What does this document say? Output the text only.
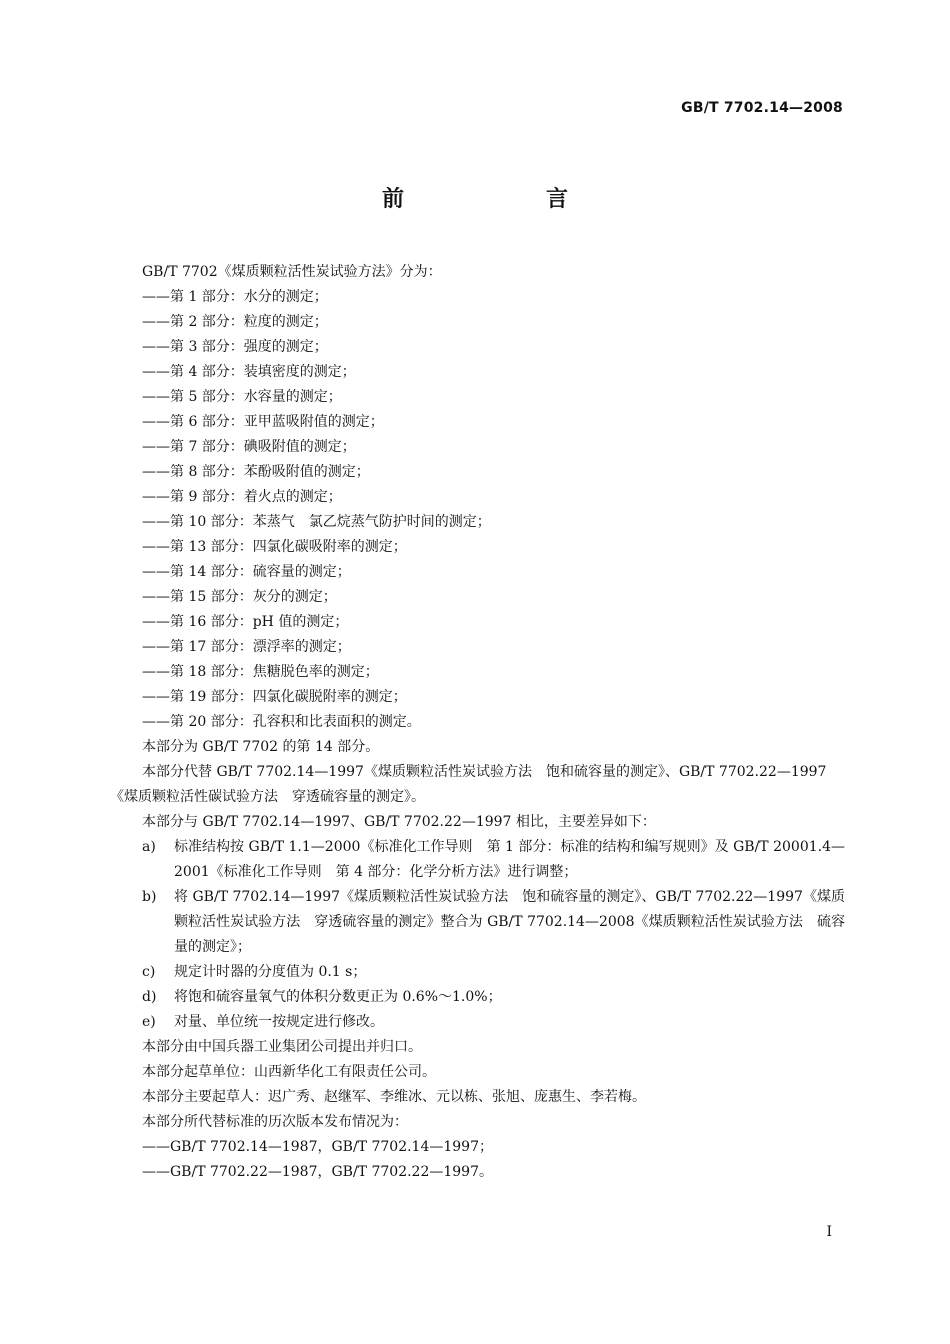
GB/T 7702.14—2008
前　言

GB/T 7702《煤质颗粒活性炭试验方法》分为：

——第 1 部分：水分的测定；

——第 2 部分：粒度的测定；

——第 3 部分：强度的测定；

——第 4 部分：装填密度的测定；

——第 5 部分：水容量的测定；

——第 6 部分：亚甲蓝吸附值的测定；

——第 7 部分：碘吸附值的测定；

——第 8 部分：苯酚吸附值的测定；

——第 9 部分：着火点的测定；

——第 10 部分：苯蒸气　氯乙烷蒸气防护时间的测定；

——第 13 部分：四氯化碳吸附率的测定；

——第 14 部分：硫容量的测定；

——第 15 部分：灰分的测定；

——第 16 部分：pH 值的测定；

——第 17 部分：漂浮率的测定；

——第 18 部分：焦糖脱色率的测定；

——第 19 部分：四氯化碳脱附率的测定；

——第 20 部分：孔容积和比表面积的测定。

本部分为 GB/T 7702 的第 14 部分。

本部分代替 GB/T 7702.14—1997《煤质颗粒活性炭试验方法　饱和硫容量的测定》、GB/T 7702.22—1997《煤质颗粒活性碳试验方法　穿透硫容量的测定》。

本部分与 GB/T 7702.14—1997、GB/T 7702.22—1997 相比，主要差异如下：

a)	标准结构按 GB/T 1.1—2000《标准化工作导则　第 1 部分：标准的结构和编写规则》及 GB/T 20001.4—2001《标准化工作导则　第 4 部分：化学分析方法》进行调整；
b)	将 GB/T 7702.14—1997《煤质颗粒活性炭试验方法　饱和硫容量的测定》、GB/T 7702.22—1997《煤质颗粒活性炭试验方法　穿透硫容量的测定》整合为 GB/T 7702.14—2008《煤质颗粒活性炭试验方法　硫容量的测定》；
c)	规定计时器的分度值为 0.1 s；
d)	将饱和硫容量氧气的体积分数更正为 0.6%～1.0%；
e)	对量、单位统一按规定进行修改。

本部分由中国兵器工业集团公司提出并归口。

本部分起草单位：山西新华化工有限责任公司。

本部分主要起草人：迟广秀、赵继军、李维冰、元以栋、张旭、庞惠生、李若梅。

本部分所代替标准的历次版本发布情况为：

——GB/T 7702.14—1987，GB/T 7702.14—1997；

——GB/T 7702.22—1987，GB/T 7702.22—1997。

I
